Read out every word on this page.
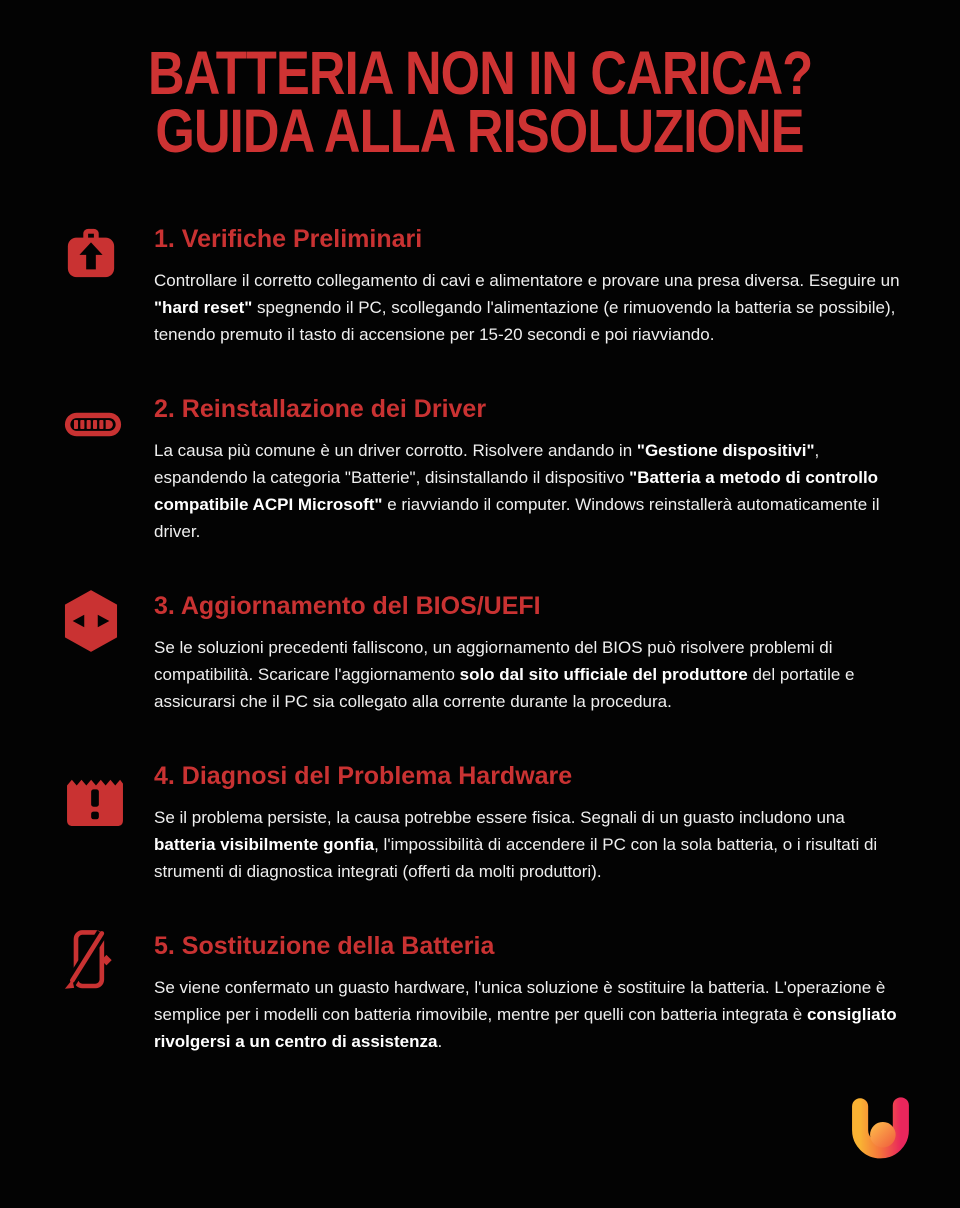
BATTERIA NON IN CARICA?
GUIDA ALLA RISOLUZIONE
1. Verifiche Preliminari

Controllare il corretto collegamento di cavi e alimentatore e provare una presa diversa. Eseguire un "hard reset" spegnendo il PC, scollegando l'alimentazione (e rimuovendo la batteria se possibile), tenendo premuto il tasto di accensione per 15-20 secondi e poi riavviando.

2. Reinstallazione dei Driver

La causa più comune è un driver corrotto. Risolvere andando in "Gestione dispositivi", espandendo la categoria "Batterie", disinstallando il dispositivo "Batteria a metodo di controllo compatibile ACPI Microsoft" e riavviando il computer. Windows reinstallerà automaticamente il driver.

3. Aggiornamento del BIOS/UEFI

Se le soluzioni precedenti falliscono, un aggiornamento del BIOS può risolvere problemi di compatibilità. Scaricare l'aggiornamento solo dal sito ufficiale del produttore del portatile e assicurarsi che il PC sia collegato alla corrente durante la procedura.

4. Diagnosi del Problema Hardware

Se il problema persiste, la causa potrebbe essere fisica. Segnali di un guasto includono una batteria visibilmente gonfia, l'impossibilità di accendere il PC con la sola batteria, o i risultati di strumenti di diagnostica integrati (offerti da molti produttori).

5. Sostituzione della Batteria

Se viene confermato un guasto hardware, l'unica soluzione è sostituire la batteria. L'operazione è semplice per i modelli con batteria rimovibile, mentre per quelli con batteria integrata è consigliato rivolgersi a un centro di assistenza.
